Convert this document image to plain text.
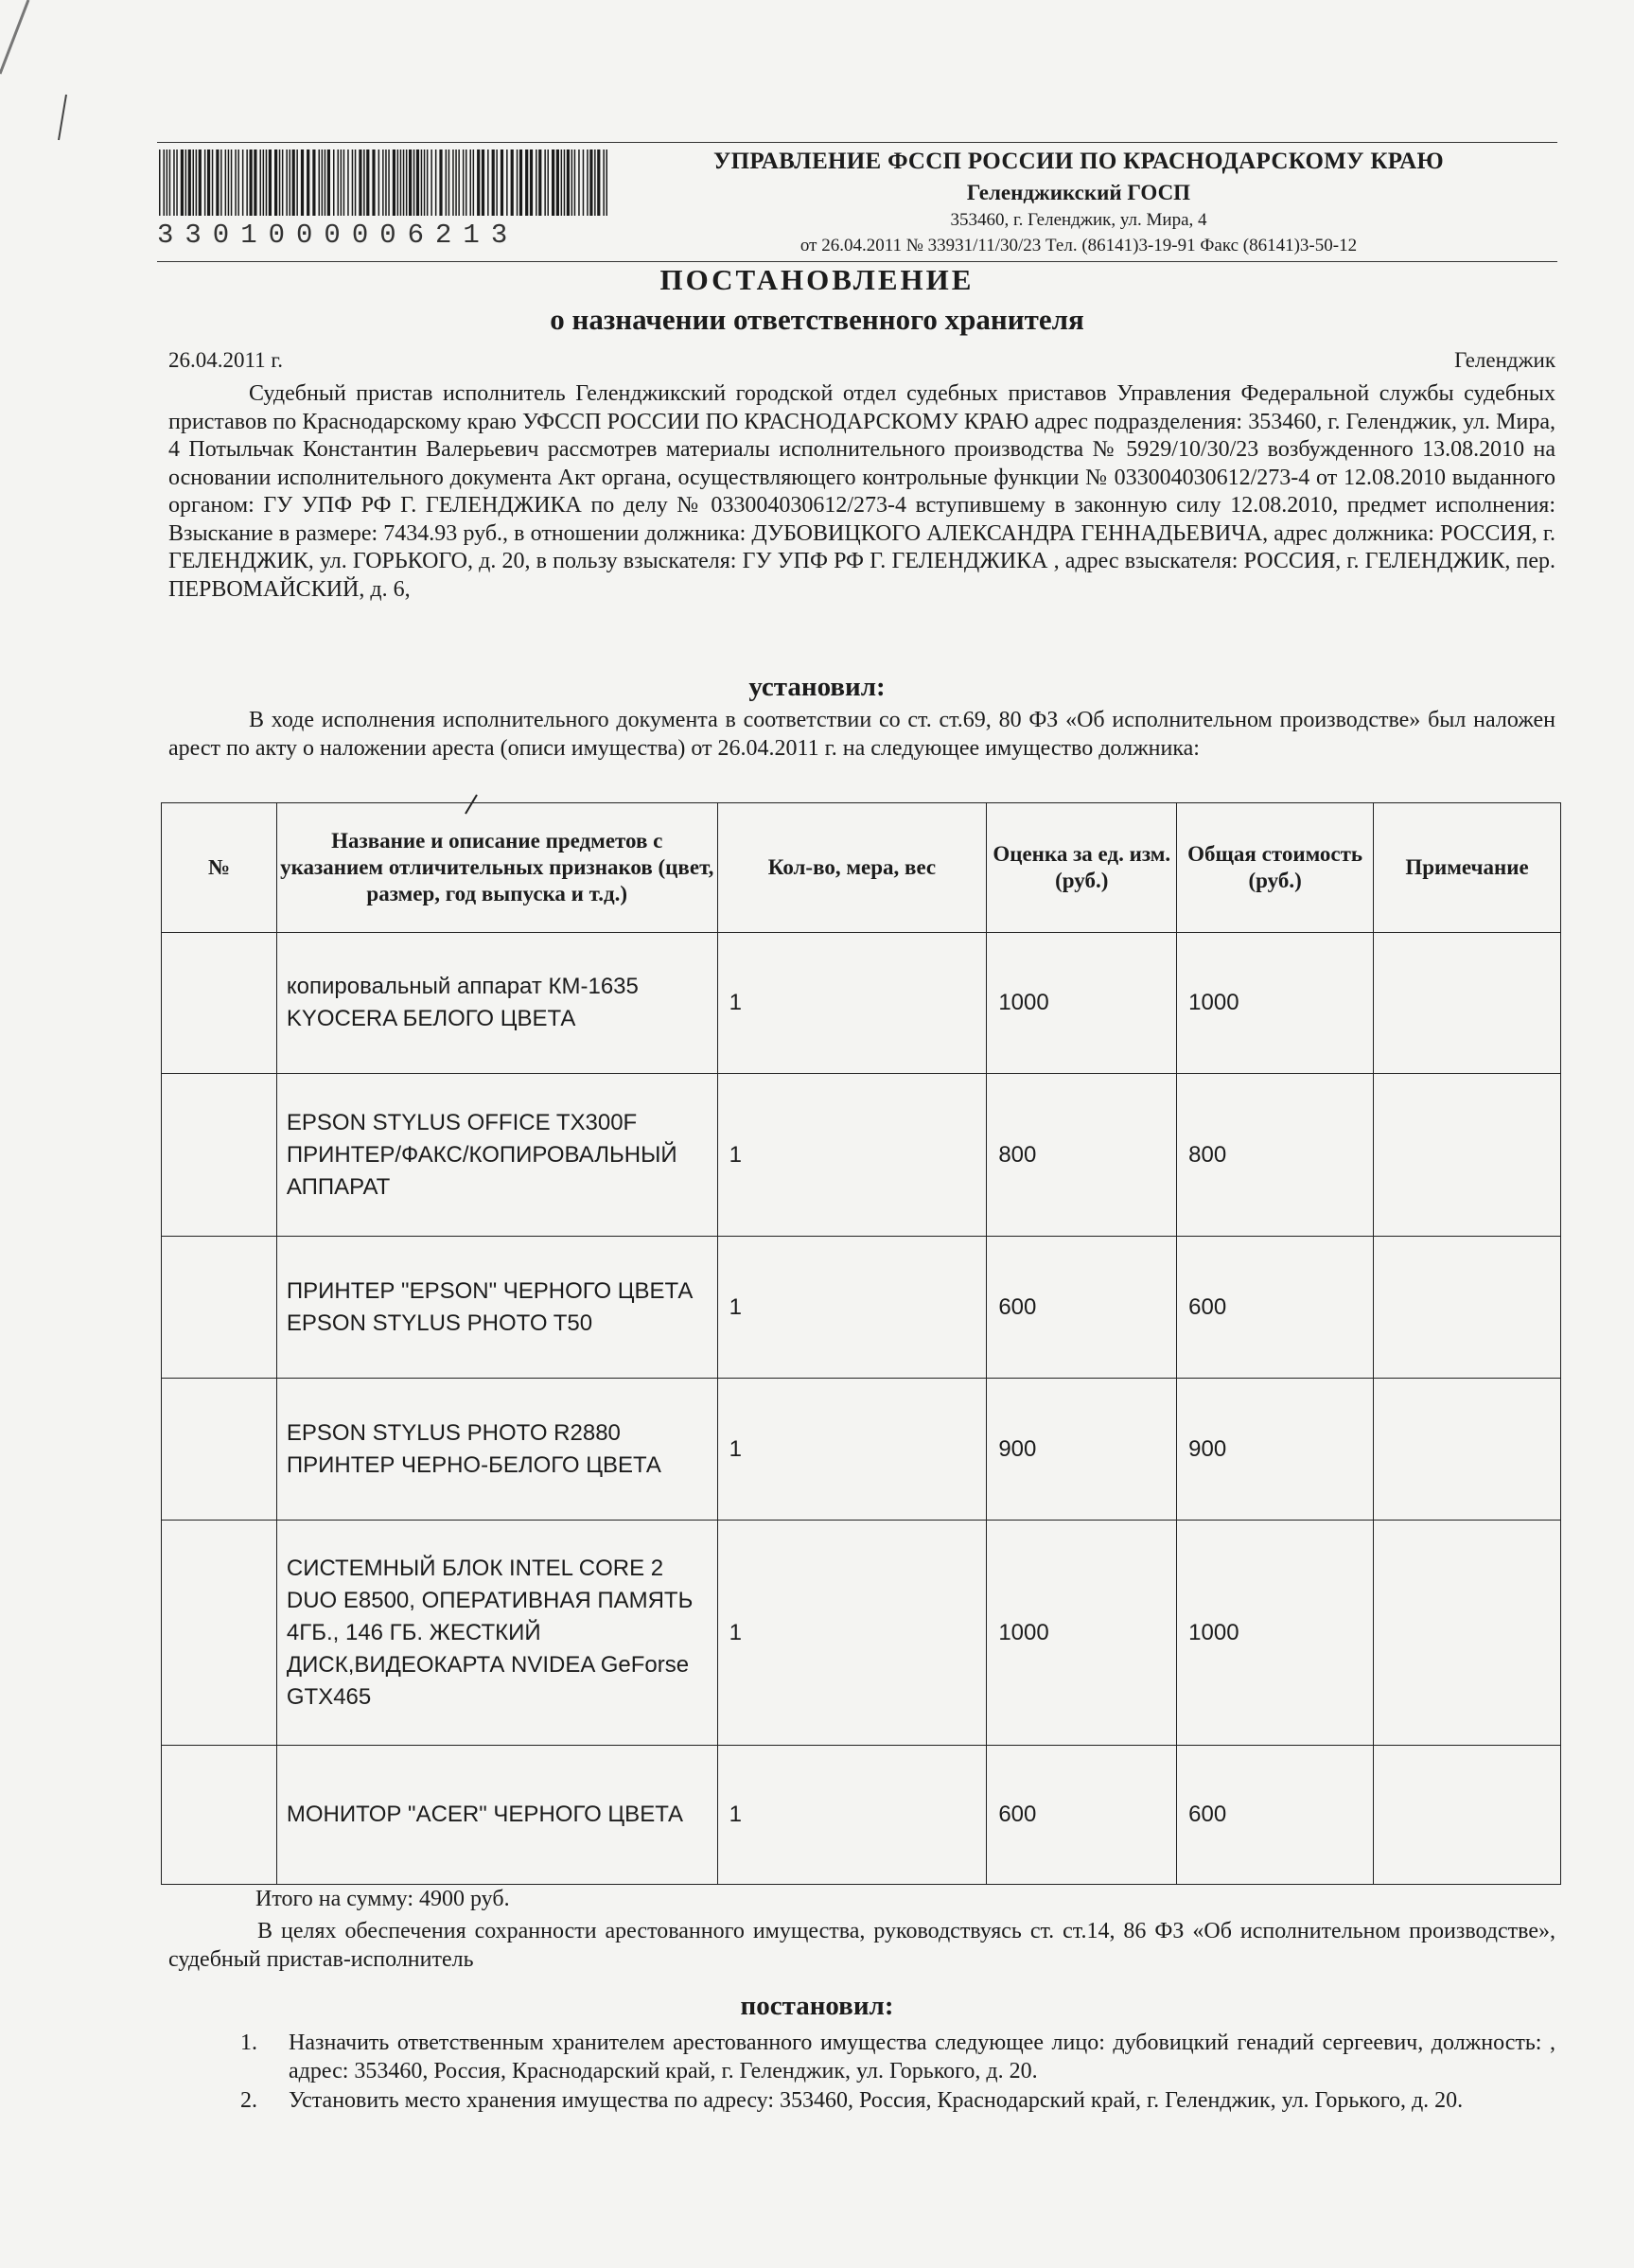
3301000006213
УПРАВЛЕНИЕ ФССП РОССИИ ПО КРАСНОДАРСКОМУ КРАЮ
Геленджикский ГОСП
353460, г. Геленджик, ул. Мира, 4
от 26.04.2011 № 33931/11/30/23 Тел. (86141)3-19-91 Факс (86141)3-50-12
ПОСТАНОВЛЕНИЕ
о назначении ответственного хранителя
26.04.2011 г.	Геленджик
Судебный пристав исполнитель Геленджикский городской отдел судебных приставов Управления Федеральной службы судебных приставов по Краснодарскому краю УФССП РОССИИ ПО КРАСНОДАРСКОМУ КРАЮ адрес подразделения: 353460, г. Геленджик, ул. Мира, 4 Потыльчак Константин Валерьевич рассмотрев материалы исполнительного производства № 5929/10/30/23 возбужденного 13.08.2010 на основании исполнительного документа Акт органа, осуществляющего контрольные функции № 033004030612/273-4 от 12.08.2010 выданного органом: ГУ УПФ РФ Г. ГЕЛЕНДЖИКА по делу № 033004030612/273-4 вступившему в законную силу 12.08.2010, предмет исполнения: Взыскание в размере: 7434.93 руб., в отношении должника: ДУБОВИЦКОГО АЛЕКСАНДРА ГЕННАДЬЕВИЧА, адрес должника: РОССИЯ, г. ГЕЛЕНДЖИК, ул. ГОРЬКОГО, д. 20, в пользу взыскателя: ГУ УПФ РФ Г. ГЕЛЕНДЖИКА , адрес взыскателя: РОССИЯ, г. ГЕЛЕНДЖИК, пер. ПЕРВОМАЙСКИЙ, д. 6,
установил:
В ходе исполнения исполнительного документа в соответствии со ст. ст.69, 80 ФЗ «Об исполнительном производстве» был наложен арест по акту о наложении ареста (описи имущества) от 26.04.2011 г. на следующее имущество должника:
№	Название и описание предметов с указанием отличительных признаков (цвет, размер, год выпуска и т.д.)	Кол-во, мера, вес	Оценка за ед. изм. (руб.)	Общая стоимость (руб.)	Примечание
	копировальный аппарат КМ-1635 KYOCERA БЕЛОГО ЦВЕТА	1	1000	1000	
	EPSON STYLUS OFFICE TX300F ПРИНТЕР/ФАКС/КОПИРОВАЛЬНЫЙ АППАРАТ	1	800	800	
	ПРИНТЕР "EPSON" ЧЕРНОГО ЦВЕТА EPSON STYLUS PHOTO T50	1	600	600	
	EPSON STYLUS PHOTO R2880 ПРИНТЕР ЧЕРНО-БЕЛОГО ЦВЕТА	1	900	900	
	СИСТЕМНЫЙ БЛОК INTEL CORE 2 DUO E8500, ОПЕРАТИВНАЯ ПАМЯТЬ 4ГБ., 146 ГБ. ЖЕСТКИЙ ДИСК,ВИДЕОКАРТА NVIDEA GeForse GTX465	1	1000	1000	
	МОНИТОР "ACER" ЧЕРНОГО ЦВЕТА	1	600	600	
Итого на сумму: 4900 руб.
В целях обеспечения сохранности арестованного имущества, руководствуясь ст. ст.14, 86 ФЗ «Об исполнительном производстве», судебный пристав-исполнитель
постановил:
1. Назначить ответственным хранителем арестованного имущества следующее лицо: дубовицкий генадий сергеевич, должность: , адрес: 353460, Россия, Краснодарский край, г. Геленджик, ул. Горького, д. 20.
2. Установить место хранения имущества по адресу: 353460, Россия, Краснодарский край, г. Геленджик, ул. Горького, д. 20.
